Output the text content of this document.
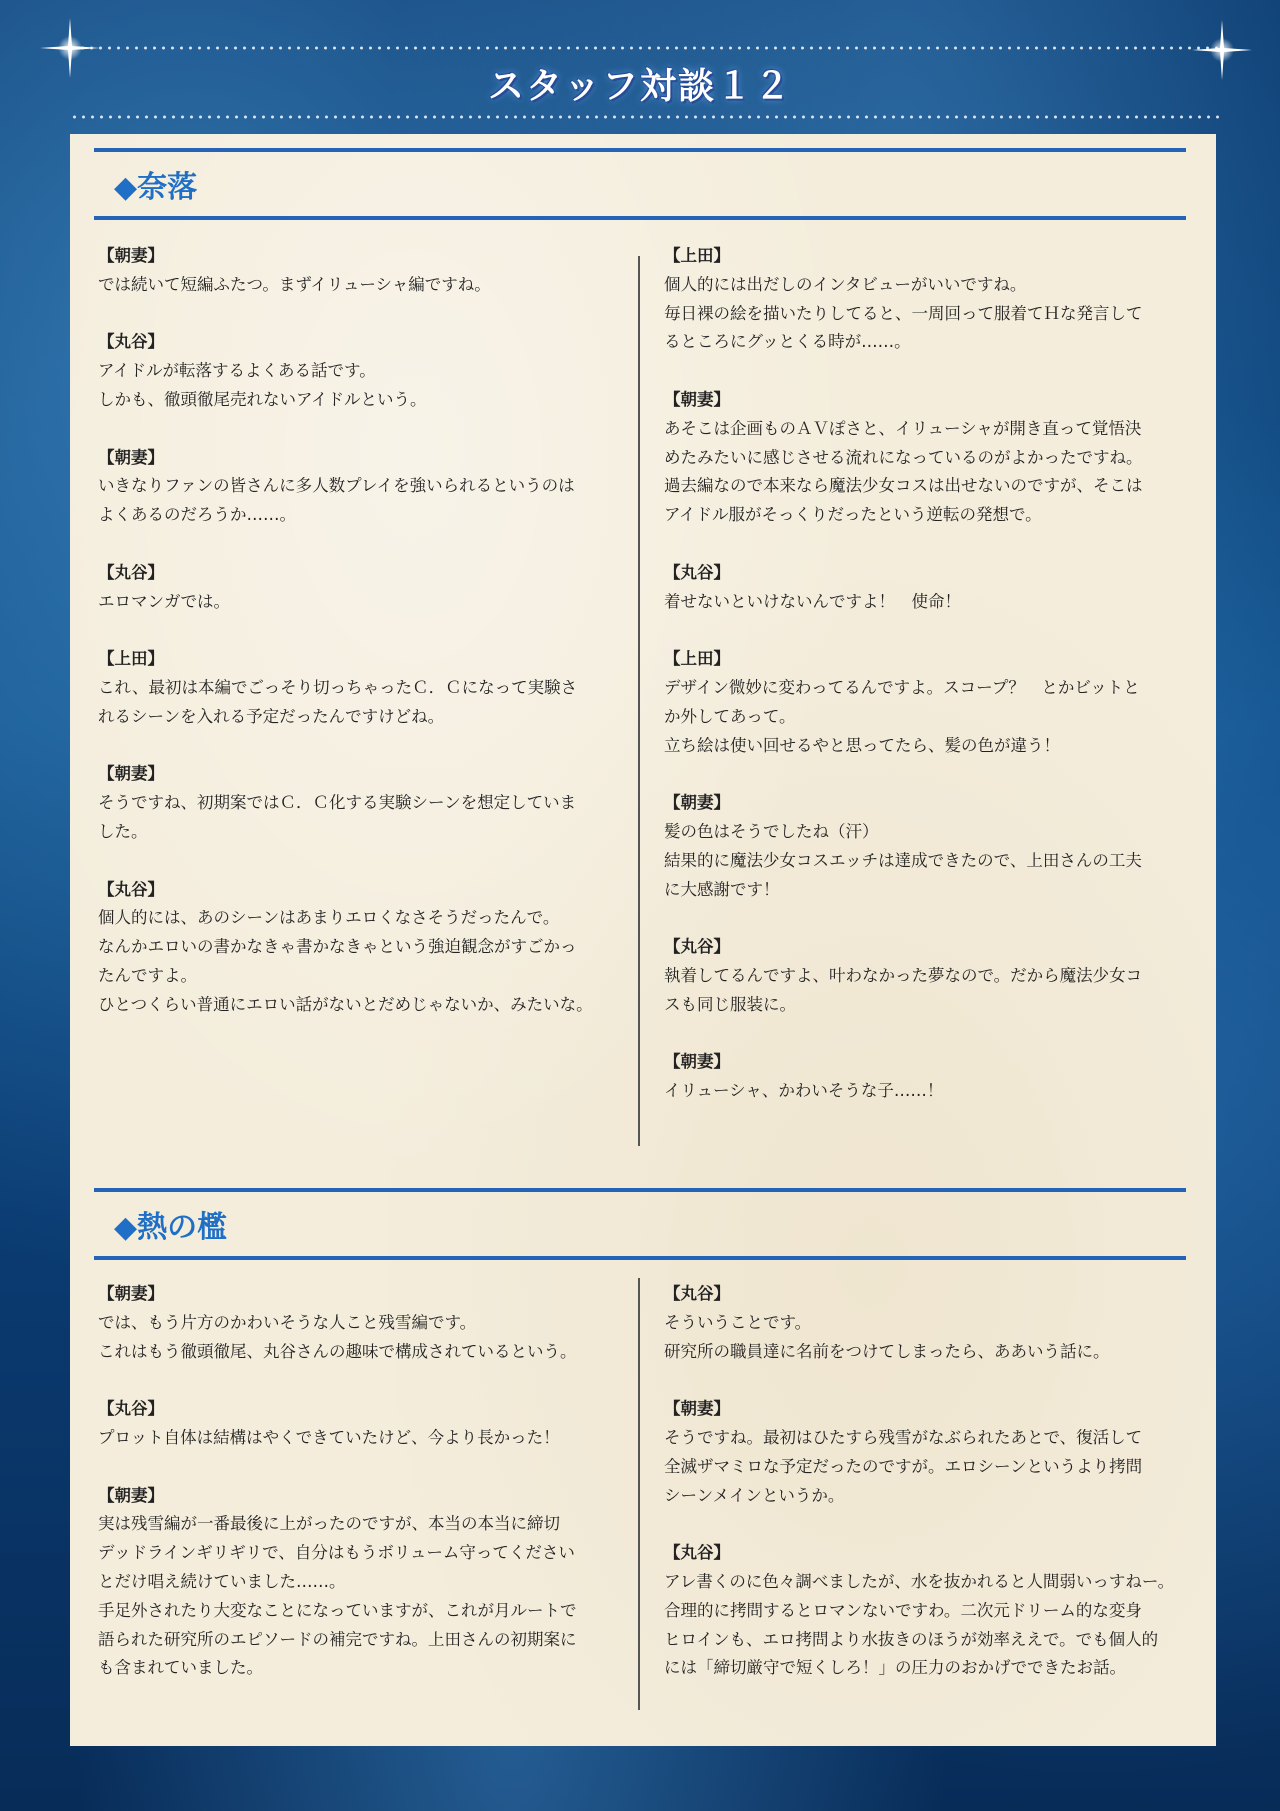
スタッフ対談１２
◆奈落
【朝妻】
では続いて短編ふたつ。まずイリューシャ編ですね。
【丸谷】
アイドルが転落するよくある話です。
しかも、徹頭徹尾売れないアイドルという。
【朝妻】
いきなりファンの皆さんに多人数プレイを強いられるというのは
よくあるのだろうか……。
【丸谷】
エロマンガでは。
【上田】
これ、最初は本編でごっそり切っちゃったＣ．Ｃになって実験さ
れるシーンを入れる予定だったんですけどね。
【朝妻】
そうですね、初期案ではＣ．Ｃ化する実験シーンを想定していま
した。
【丸谷】
個人的には、あのシーンはあまりエロくなさそうだったんで。
なんかエロいの書かなきゃ書かなきゃという強迫観念がすごかっ
たんですよ。
ひとつくらい普通にエロい話がないとだめじゃないか、みたいな。
【上田】
個人的には出だしのインタビューがいいですね。
毎日裸の絵を描いたりしてると、一周回って服着てＨな発言して
るところにグッとくる時が……。
【朝妻】
あそこは企画ものＡＶぽさと、イリューシャが開き直って覚悟決
めたみたいに感じさせる流れになっているのがよかったですね。
過去編なので本来なら魔法少女コスは出せないのですが、そこは
アイドル服がそっくりだったという逆転の発想で。
【丸谷】
着せないといけないんですよ！　使命！
【上田】
デザイン微妙に変わってるんですよ。スコープ？　とかビットと
か外してあって。
立ち絵は使い回せるやと思ってたら、髪の色が違う！
【朝妻】
髪の色はそうでしたね（汗）
結果的に魔法少女コスエッチは達成できたので、上田さんの工夫
に大感謝です！
【丸谷】
執着してるんですよ、叶わなかった夢なので。だから魔法少女コ
スも同じ服装に。
【朝妻】
イリューシャ、かわいそうな子……！
◆熱の檻
【朝妻】
では、もう片方のかわいそうな人こと残雪編です。
これはもう徹頭徹尾、丸谷さんの趣味で構成されているという。
【丸谷】
プロット自体は結構はやくできていたけど、今より長かった！
【朝妻】
実は残雪編が一番最後に上がったのですが、本当の本当に締切
デッドラインギリギリで、自分はもうボリューム守ってください
とだけ唱え続けていました……。
手足外されたり大変なことになっていますが、これが月ルートで
語られた研究所のエピソードの補完ですね。上田さんの初期案に
も含まれていました。
【丸谷】
そういうことです。
研究所の職員達に名前をつけてしまったら、ああいう話に。
【朝妻】
そうですね。最初はひたすら残雪がなぶられたあとで、復活して
全滅ザマミロな予定だったのですが。エロシーンというより拷問
シーンメインというか。
【丸谷】
アレ書くのに色々調べましたが、水を抜かれると人間弱いっすねー。
合理的に拷問するとロマンないですわ。二次元ドリーム的な変身
ヒロインも、エロ拷問より水抜きのほうが効率ええで。でも個人的
には「締切厳守で短くしろ！」の圧力のおかげでできたお話。
